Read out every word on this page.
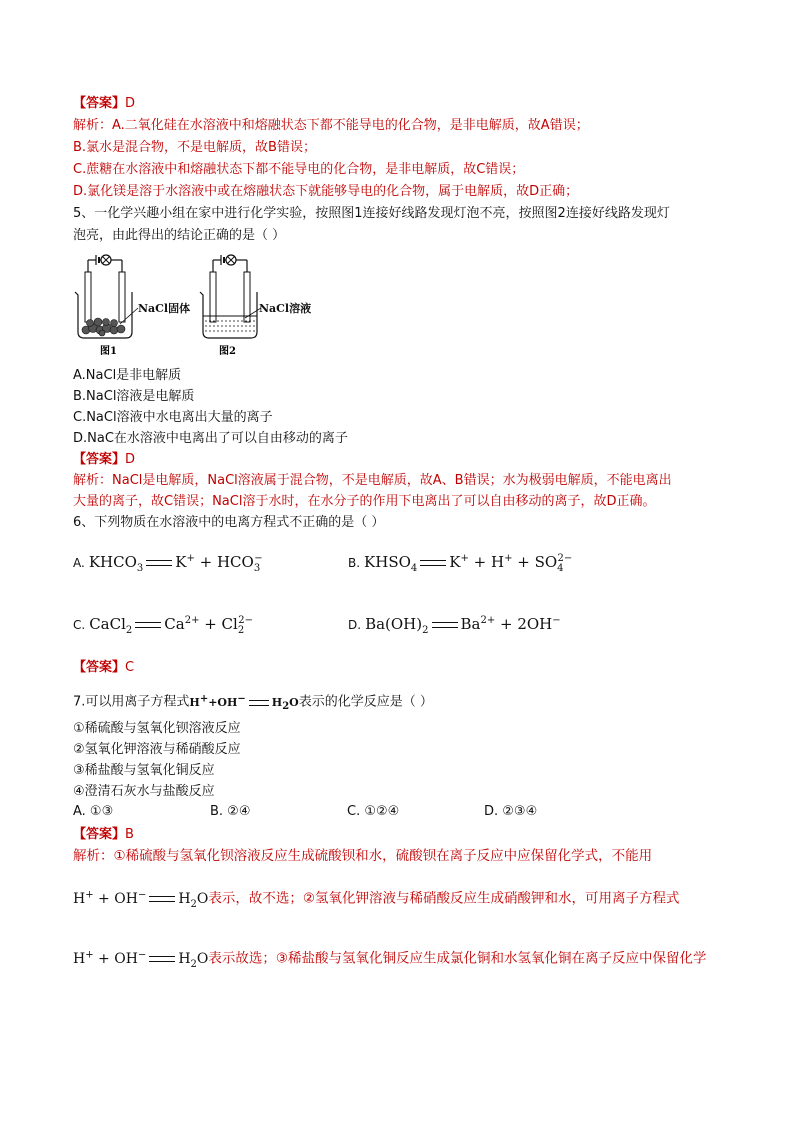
【答案】D
解析：A.二氧化硅在水溶液中和熔融状态下都不能导电的化合物，是非电解质，故A错误；
B.氯水是混合物，不是电解质，故B错误；
C.蔗糖在水溶液中和熔融状态下都不能导电的化合物，是非电解质，故C错误；
D.氯化镁是溶于水溶液中或在熔融状态下就能够导电的化合物，属于电解质，故D正确；
5、一化学兴趣小组在家中进行化学实验，按照图1连接好线路发现灯泡不亮，按照图2连接好线路发现灯
泡亮，由此得出的结论正确的是（ ）
图1
NaCl固体
图2
NaCl溶液
A.NaCl是非电解质
B.NaCl溶液是电解质
C.NaCl溶液中水电离出大量的离子
D.NaC在水溶液中电离出了可以自由移动的离子
【答案】D
解析：NaCl是电解质，NaCl溶液属于混合物，不是电解质，故A、B错误；水为极弱电解质，不能电离出
大量的离子，故C错误；NaCl溶于水时，在水分子的作用下电离出了可以自由移动的离子，故D正确。
6、下列物质在水溶液中的电离方程式不正确的是（ ）
A. $KHCO_3$ $K^+ + HCO_3^-$	B. $KHSO_4$ $K^+ + H^+ + SO_4^{2-}$
C. CaCl$_2$ $Ca^{2+} + Cl_2^{2-}$	D. $Ba(OH)_2$ $Ba^{2+} + 2OH^-$
【答案】C
7.可以用离子方程式H++OH− $H_2O$表示的化学反应是（ ）
①稀硫酸与氢氧化钡溶液反应
②氢氧化钾溶液与稀硝酸反应
③稀盐酸与氢氧化铜反应
④澄清石灰水与盐酸反应
A. ①③	B. ②④	C. ①②④	D. ②③④
【答案】B
解析：①稀硫酸与氢氧化钡溶液反应生成硫酸钡和水，硫酸钡在离子反应中应保留化学式，不能用
H+ + OH− $H_2O$表示，故不选；②氢氧化钾溶液与稀硝酸反应生成硝酸钾和水，可用离子方程式
H+ + OH− $H_2O$表示故选；③稀盐酸与氢氧化铜反应生成氯化铜和水氢氧化铜在离子反应中保留化学
